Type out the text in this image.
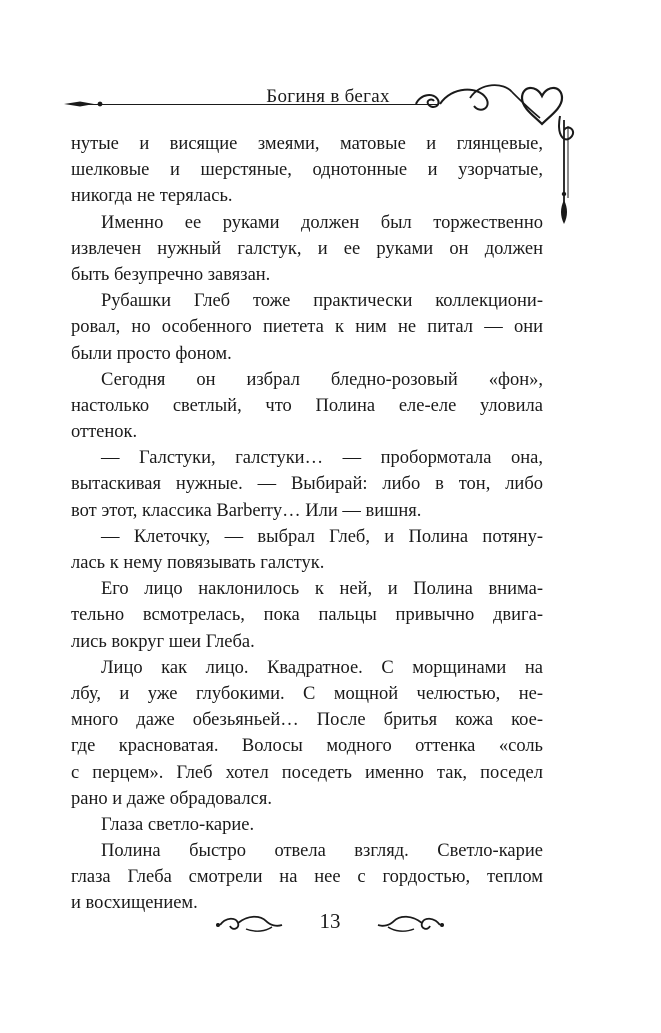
Богиня в бегах
нутые и висящие змеями, матовые и глянцевые,
шелковые и шерстяные, однотонные и узорчатые,
никогда не терялась.
Именно ее руками должен был торжественно
извлечен нужный галстук, и ее руками он должен
быть безупречно завязан.
Рубашки Глеб тоже практически коллекциони-
ровал, но особенного пиетета к ним не питал — они
были просто фоном.
Сегодня он избрал бледно-розовый «фон»,
настолько светлый, что Полина еле-еле уловила
оттенок.
— Галстуки, галстуки… — пробормотала она,
вытаскивая нужные. — Выбирай: либо в тон, либо
вот этот, классика Barberry… Или — вишня.
— Клеточку, — выбрал Глеб, и Полина потяну-
лась к нему повязывать галстук.
Его лицо наклонилось к ней, и Полина внима-
тельно всмотрелась, пока пальцы привычно двига-
лись вокруг шеи Глеба.
Лицо как лицо. Квадратное. С морщинами на
лбу, и уже глубокими. С мощной челюстью, не-
много даже обезьяньей… После бритья кожа кое-
где красноватая. Волосы модного оттенка «соль
с перцем». Глеб хотел поседеть именно так, поседел
рано и даже обрадовался.
Глаза светло-карие.
Полина быстро отвела взгляд. Светло-карие
глаза Глеба смотрели на нее с гордостью, теплом
и восхищением.
13
